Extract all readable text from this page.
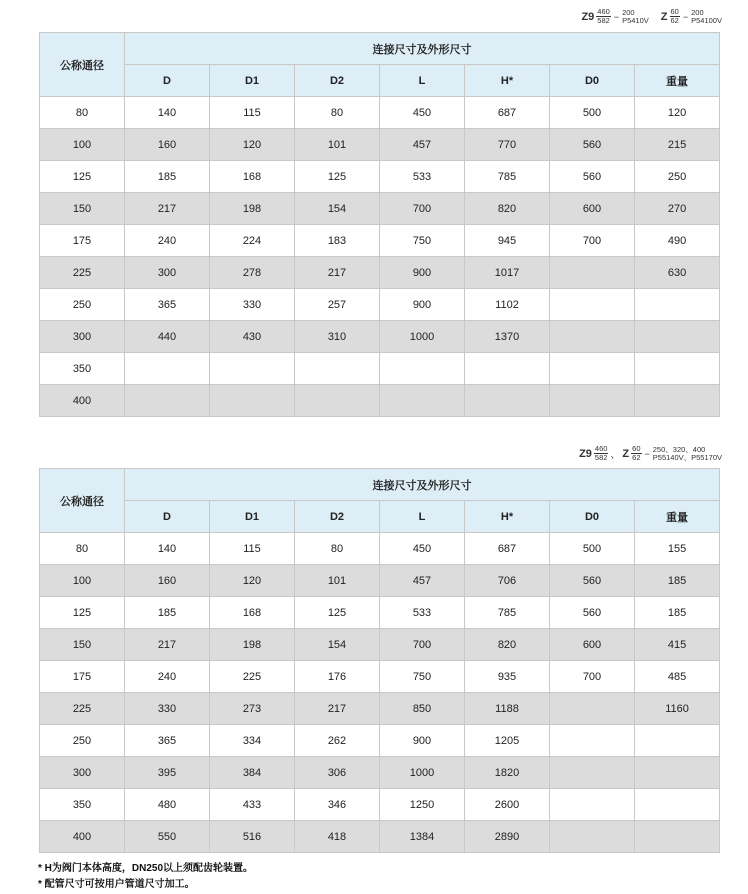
$Z9 \frac{460}{582} - 200$
P5410V Z $\frac{60}{62} - 200$
P54100V
公称通径	连接尺寸及外形尺寸						
	D	D1	D2	L	H*	D0	重量
80	140	115	80	450	687	500	120
100	160	120	101	457	770	560	215
125	185	168	125	533	785	560	250
150	217	198	154	700	820	600	270
175	240	224	183	750	945	700	490
225	300	278	217	900	1017		630
250	365	330	257	900	1102		
300	440	430	310	1000	1370		
350							
400							
$Z9 \frac{460}{582}$ 、 Z $\frac{60}{62} - 250$、320、400
P55140V、P55170V
公称通径	连接尺寸及外形尺寸						
	D	D1	D2	L	H*	D0	重量
80	140	115	80	450	687	500	155
100	160	120	101	457	706	560	185
125	185	168	125	533	785	560	185
150	217	198	154	700	820	600	415
175	240	225	176	750	935	700	485
225	330	273	217	850	1188		1160
250	365	334	262	900	1205		
300	395	384	306	1000	1820		
350	480	433	346	1250	2600		
400	550	516	418	1384	2890		
* H为阀门本体高度，DN250以上须配齿轮装置。
* 配管尺寸可按用户管道尺寸加工。
